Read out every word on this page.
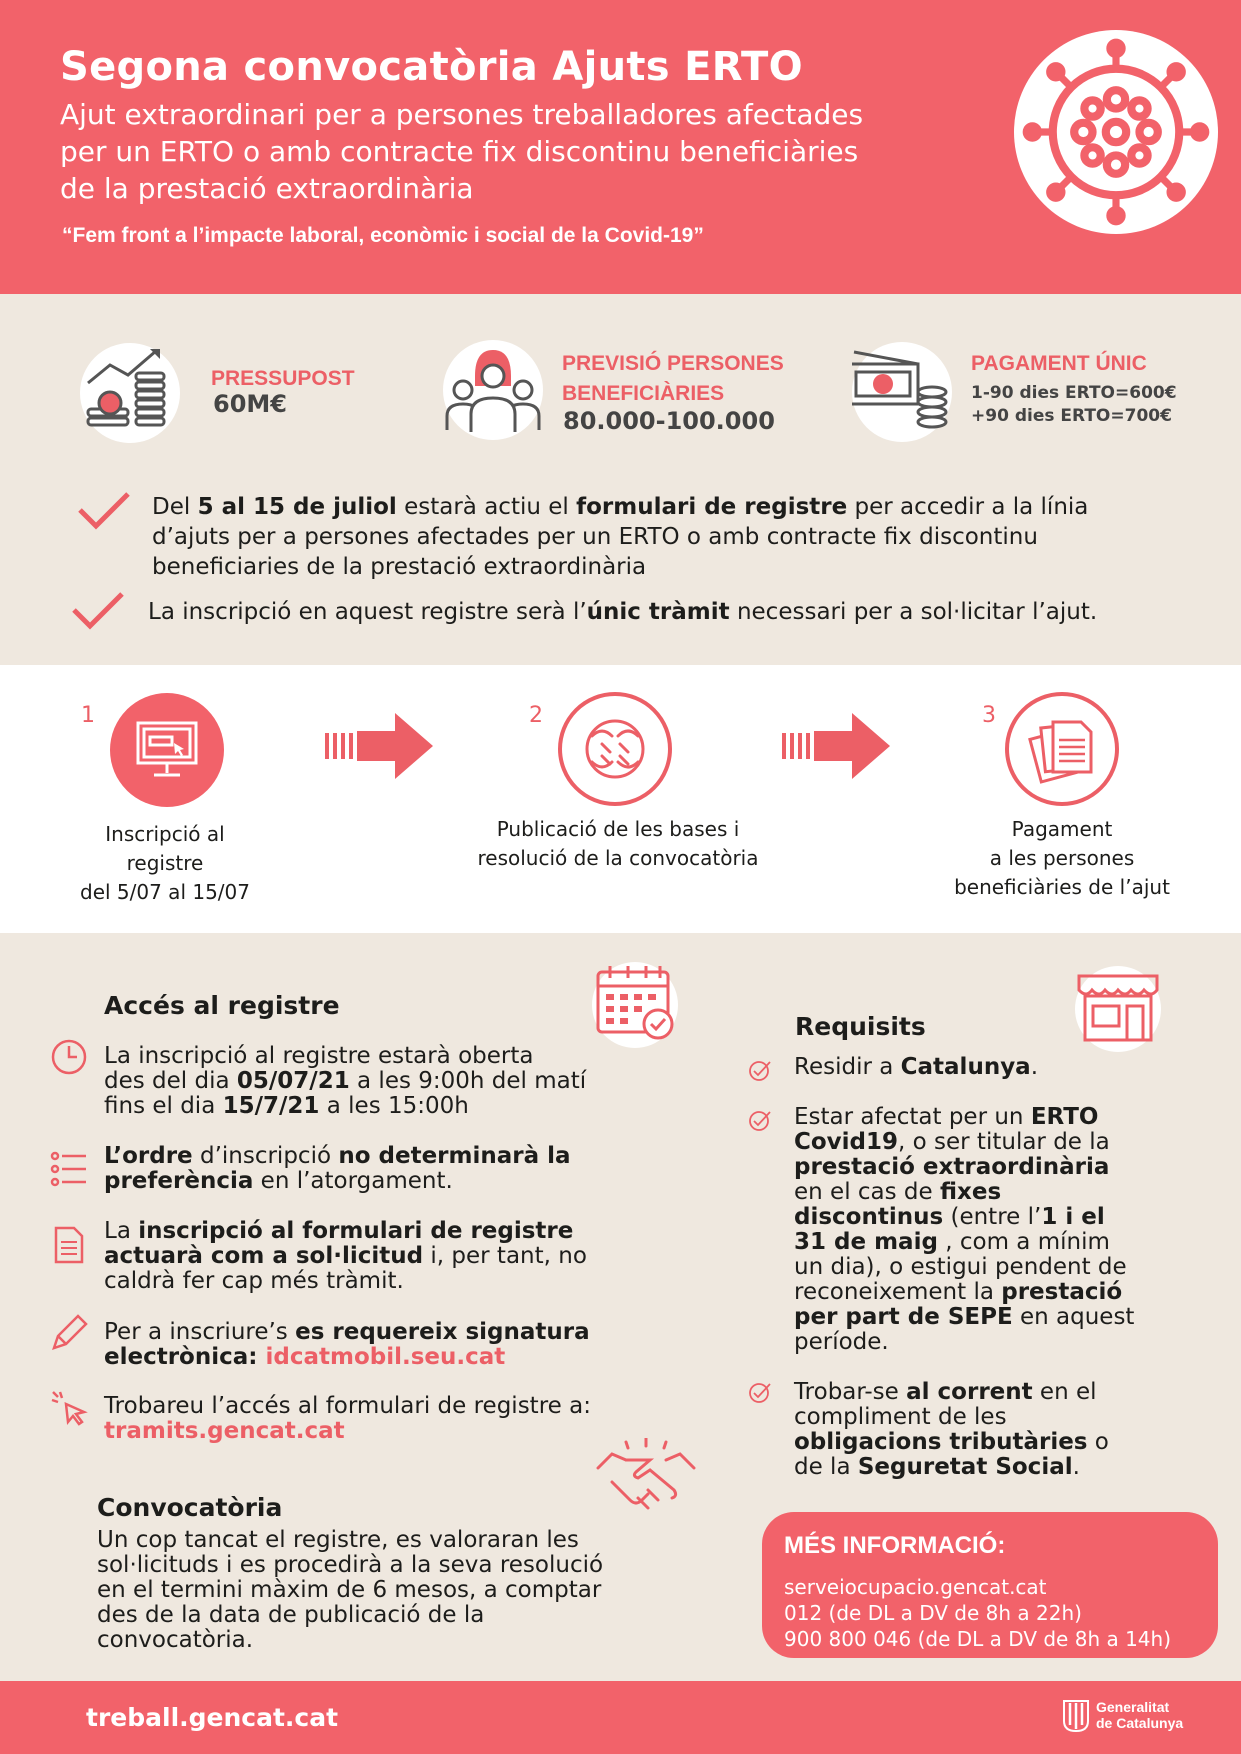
Segona convocatòria Ajuts ERTO
Ajut extraordinari per a persones treballadores afectades
per un ERTO o amb contracte fix discontinu beneficiàries
de la prestació extraordinària
“Fem front a l’impacte laboral, econòmic i social de la Covid-19”
PRESSUPOST
60M€
PREVISIÓ PERSONES
BENEFICIÀRIES
80.000-100.000
PAGAMENT ÚNIC
1-90 dies ERTO=600€
+90 dies ERTO=700€
Del 5 al 15 de juliol estarà actiu el formulari de registre per accedir a la línia
d’ajuts per a persones afectades per un ERTO o amb contracte fix discontinu
beneficiaries de la prestació extraordinària
La inscripció en aquest registre serà l’únic tràmit necessari per a sol·licitar l’ajut.
1
Inscripció al
registre
del 5/07 al 15/07
2
Publicació de les bases i
resolució de la convocatòria
3
Pagament
a les persones
beneficiàries de l’ajut
Accés al registre
La inscripció al registre estarà oberta
des del dia 05/07/21 a les 9:00h del matí
fins el dia 15/7/21 a les 15:00h
L’ordre d’inscripció no determinarà la
preferència en l’atorgament.
La inscripció al formulari de registre
actuarà com a sol·licitud i, per tant, no
caldrà fer cap més tràmit.
Per a inscriure’s es requereix signatura
electrònica: idcatmobil.seu.cat
Trobareu l’accés al formulari de registre a:
tramits.gencat.cat
Convocatòria
Un cop tancat el registre, es valoraran les
sol·licituds i es procedirà a la seva resolució
en el termini màxim de 6 mesos, a comptar
des de la data de publicació de la
convocatòria.
Requisits
Residir a Catalunya.
Estar afectat per un ERTO
Covid19, o ser titular de la
prestació extraordinària
en el cas de fixes
discontinus (entre l’1 i el
31 de maig , com a mínim
un dia), o estigui pendent de
reconeixement la prestació
per part de SEPE en aquest
període.
Trobar-se al corrent en el
compliment de les
obligacions tributàries o
de la Seguretat Social.
MÉS INFORMACIÓ:
serveiocupacio.gencat.cat
012 (de DL a DV de 8h a 22h)
900 800 046 (de DL a DV de 8h a 14h)
treball.gencat.cat	Generalitat
de Catalunya
